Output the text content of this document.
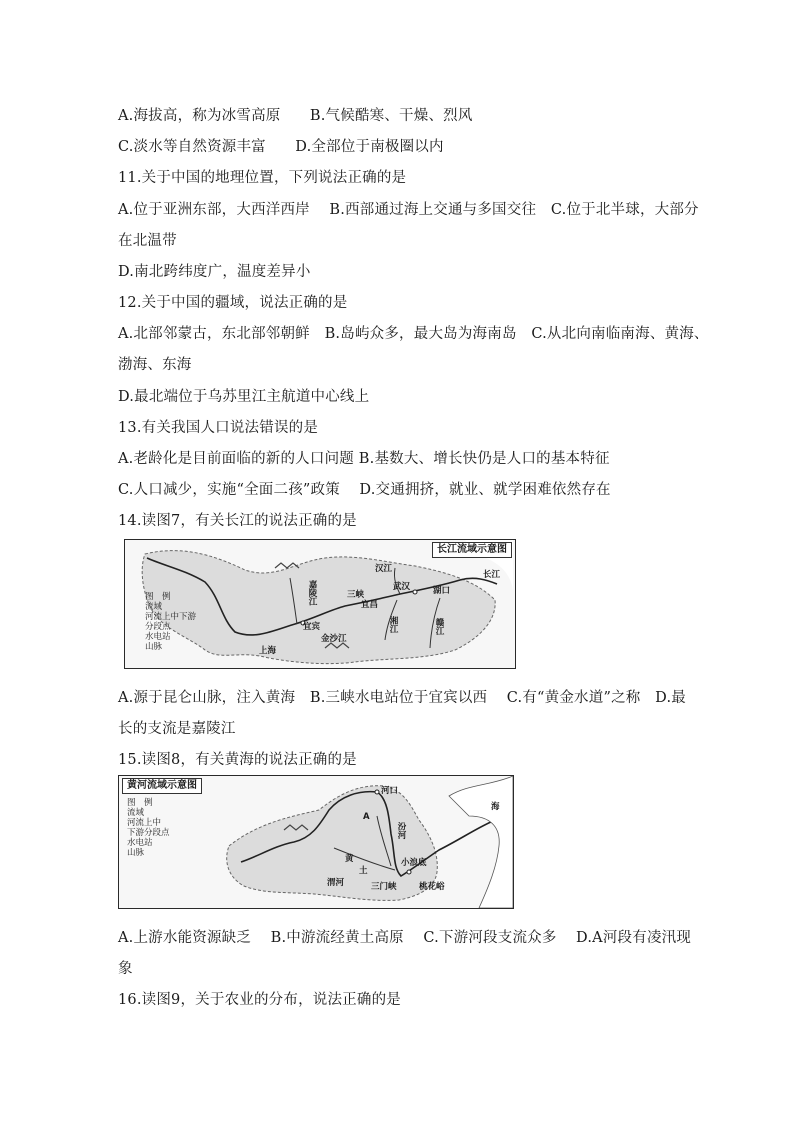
A.海拔高，称为冰雪高原　　B.气候酷寒、干燥、烈风
C.淡水等自然资源丰富　　D.全部位于南极圈以内
11.关于中国的地理位置，下列说法正确的是
A.位于亚洲东部，大西洋西岸　 B.西部通过海上交通与多国交往　C.位于北半球，大部分
在北温带
D.南北跨纬度广，温度差异小
12.关于中国的疆域，说法正确的是
A.北部邻蒙古，东北部邻朝鲜　B.岛屿众多，最大岛为海南岛　C.从北向南临南海、黄海、
渤海、东海
D.最北端位于乌苏里江主航道中心线上
13.有关我国人口说法错误的是
A.老龄化是目前面临的新的人口问题 B.基数大、增长快仍是人口的基本特征
C.人口减少，实施“全面二孩”政策　 D.交通拥挤，就业、就学困难依然存在
14.读图7，有关长江的说法正确的是
长江流域示意图
图　例
流域
河流上中下游
分段点
水电站
山脉
嘉陵江	三峡
宜昌
宜宾
武汉	湖口
汉江
湘江	赣江
上海
金沙江
长江
A.源于昆仑山脉，注入黄海　B.三峡水电站位于宜宾以西　 C.有“黄金水道”之称　D.最
长的支流是嘉陵江
15.读图8，有关黄海的说法正确的是
黄河流域示意图
图　例
流域
河流上中
下游分段点
水电站
山脉
河口
A
黄
土
小浪底
三门峡	桃花峪
渭河
汾河
海
A.上游水能资源缺乏　 B.中游流经黄土高原　 C.下游河段支流众多　 D.A河段有凌汛现
象
16.读图9，关于农业的分布，说法正确的是
